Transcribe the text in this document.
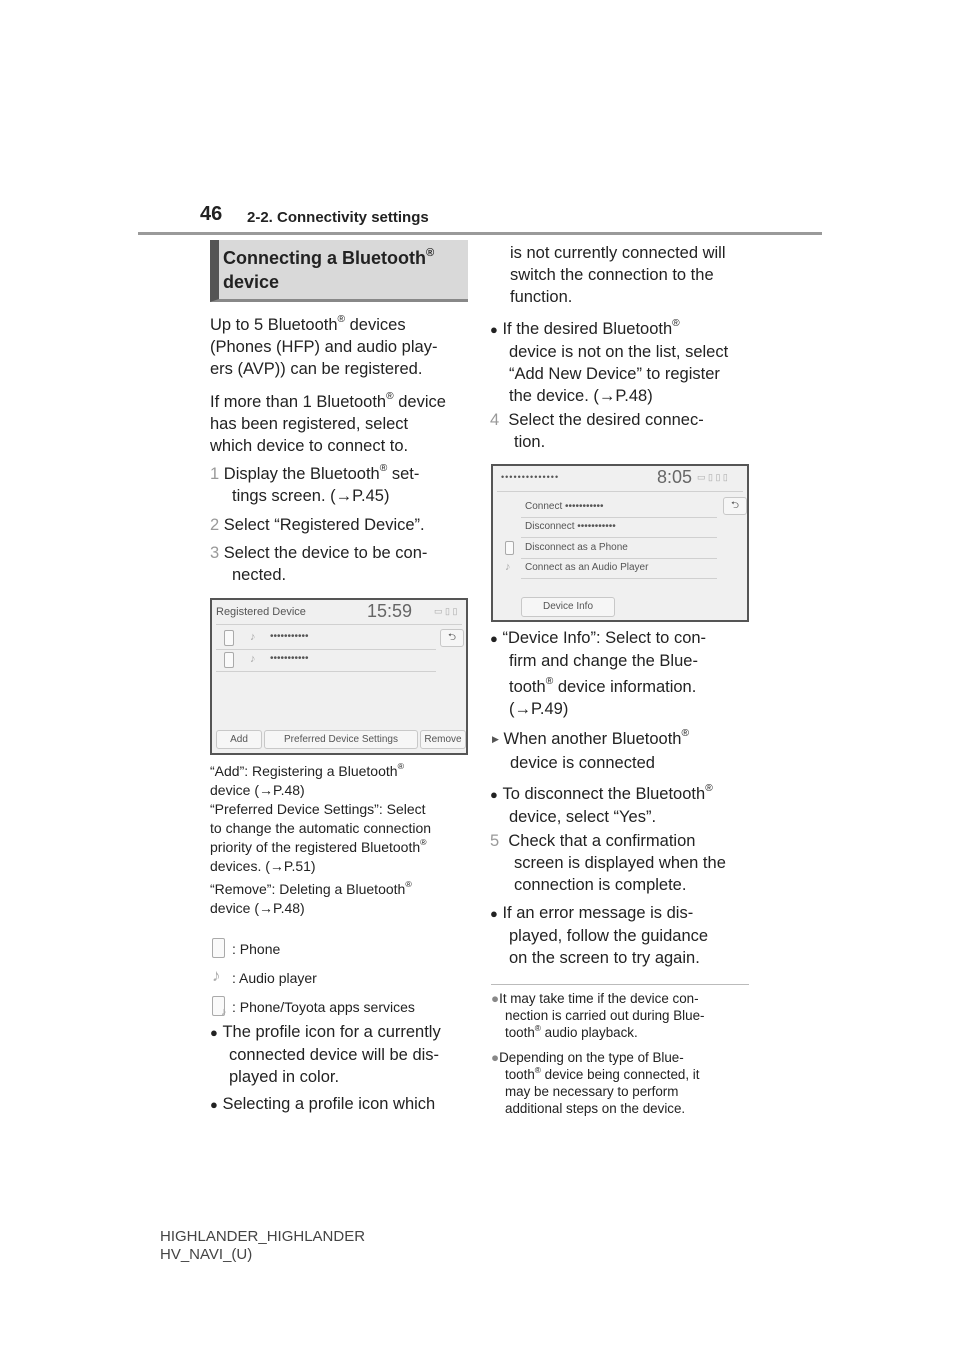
46 2-2. Connectivity settings
Connecting a Bluetooth®
device
Up to 5 Bluetooth® devices
(Phones (HFP) and audio play-
ers (AVP)) can be registered.
If more than 1 Bluetooth® device
has been registered, select
which device to connect to.
1 Display the Bluetooth® set-
tings screen. (→P.45)
2 Select “Registered Device”.
3 Select the device to be con-
nected.
Registered Device	15:59 ▭ ▯ ▯
♪ •••••••••••
♪ •••••••••••
⮌
Add	Preferred Device Settings	Remove
“Add”: Registering a Bluetooth®
device (→P.48)
“Preferred Device Settings”: Select
to change the automatic connection
priority of the registered Bluetooth®
devices. (→P.51)

“Remove”: Deleting a Bluetooth®
device (→P.48)
: Phone
♪ : Audio player
♪ : Phone/Toyota apps services
● The profile icon for a currently
connected device will be dis-
played in color.
● Selecting a profile icon which
is not currently connected will
switch the connection to the
function.
● If the desired Bluetooth®
device is not on the list, select
“Add New Device” to register
the device. (→P.48)
4 Select the desired connec-
tion.
••••••••••••••	8:05 ▭ ▯ ▯ ▯
Connect •••••••••••
Disconnect •••••••••••
Disconnect as a Phone
♪ Connect as an Audio Player
⮌
Device Info
● “Device Info”: Select to con-
firm and change the Blue-

tooth® device information.
(→P.49)
▶ When another Bluetooth®
device is connected
● To disconnect the Bluetooth®
device, select “Yes”.
5 Check that a confirmation
screen is displayed when the
connection is complete.
● If an error message is dis-
played, follow the guidance
on the screen to try again.
●It may take time if the device con-
nection is carried out during Blue-
tooth® audio playback.
●Depending on the type of Blue-
tooth® device being connected, it
may be necessary to perform
additional steps on the device.
HIGHLANDER_HIGHLANDER
HV_NAVI_(U)
